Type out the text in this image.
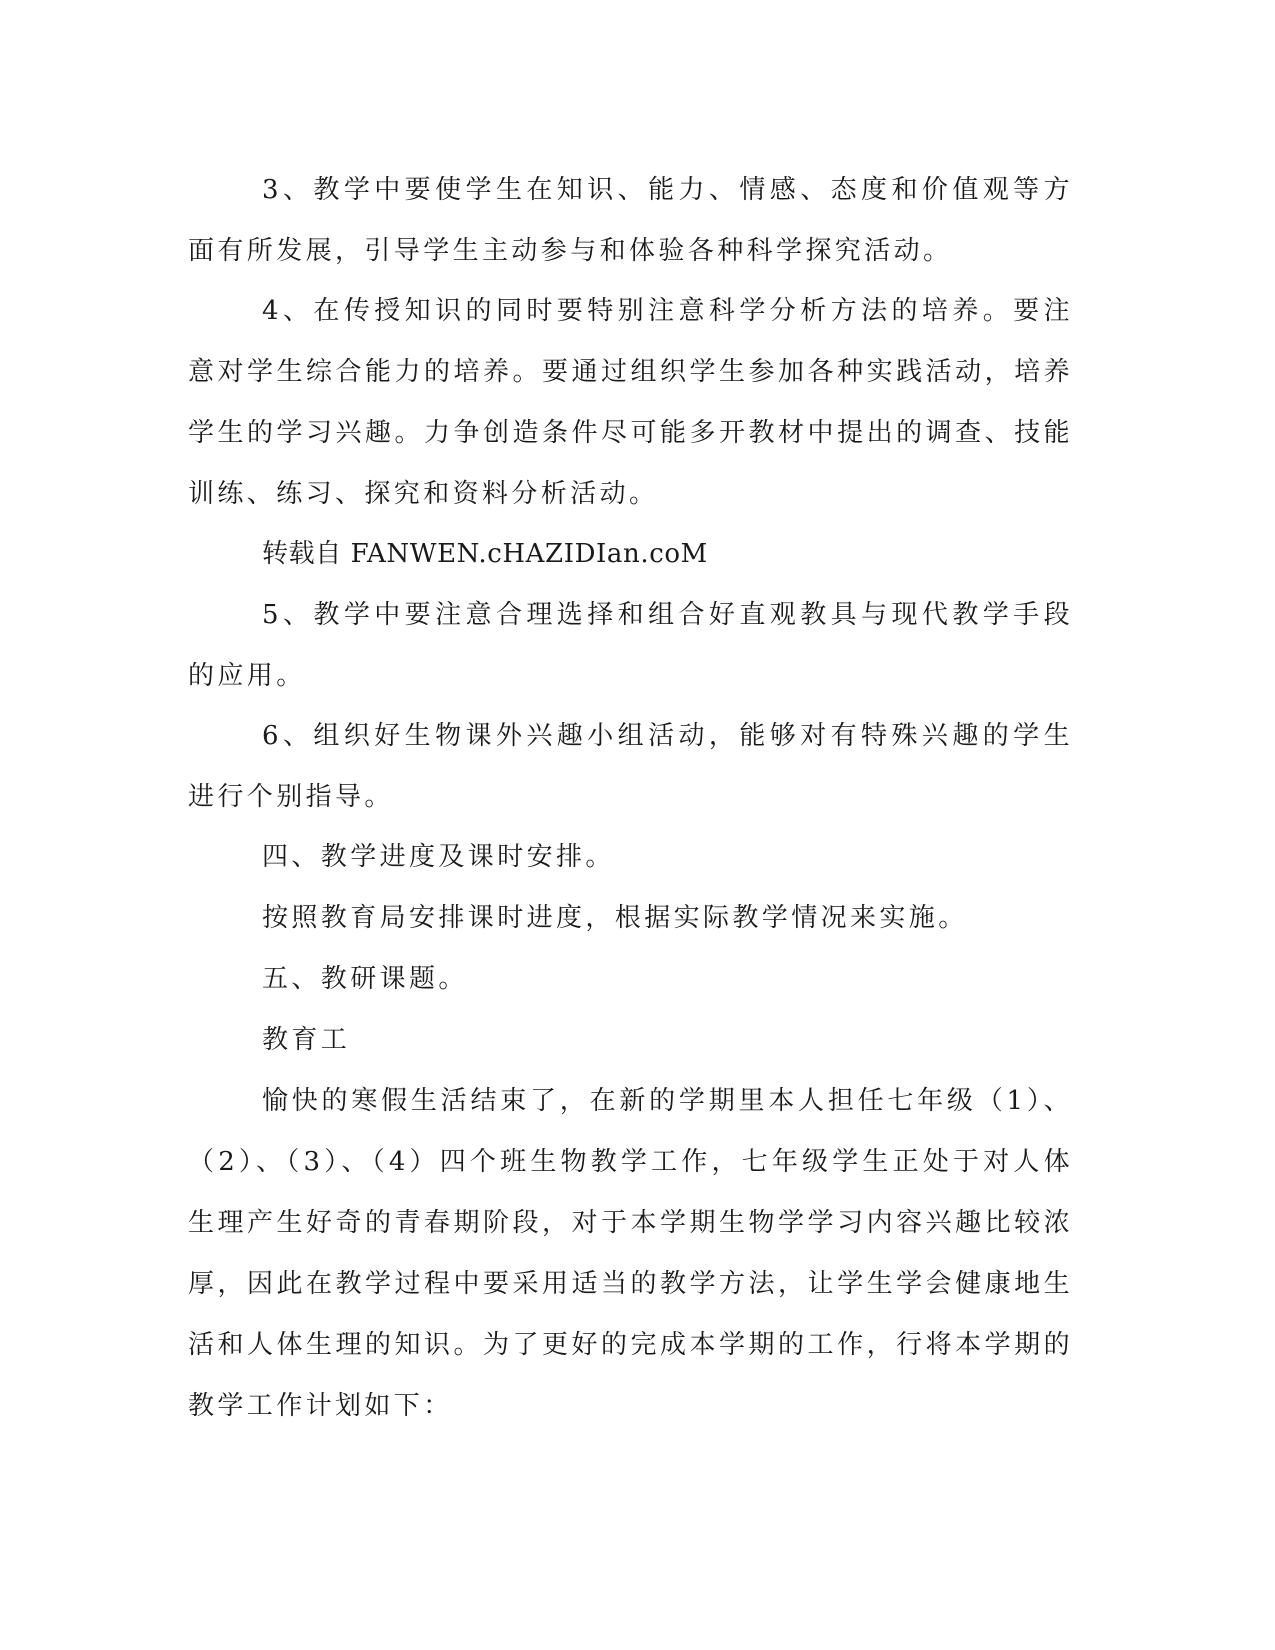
3、教学中要使学生在知识、能力、情感、态度和价值观等方面有所发展，引导学生主动参与和体验各种科学探究活动。

4、在传授知识的同时要特别注意科学分析方法的培养。要注意对学生综合能力的培养。要通过组织学生参加各种实践活动，培养学生的学习兴趣。力争创造条件尽可能多开教材中提出的调查、技能训练、练习、探究和资料分析活动。

转载自 FANWEN.cHAZIDIan.coM

5、教学中要注意合理选择和组合好直观教具与现代教学手段的应用。

6、组织好生物课外兴趣小组活动，能够对有特殊兴趣的学生进行个别指导。

四、教学进度及课时安排。

按照教育局安排课时进度，根据实际教学情况来实施。

五、教研课题。

教育工

愉快的寒假生活结束了，在新的学期里本人担任七年级（1）、（2）、（3）、（4）四个班生物教学工作，七年级学生正处于对人体生理产生好奇的青春期阶段，对于本学期生物学学习内容兴趣比较浓厚，因此在教学过程中要采用适当的教学方法，让学生学会健康地生活和人体生理的知识。为了更好的完成本学期的工作，行将本学期的教学工作计划如下：
